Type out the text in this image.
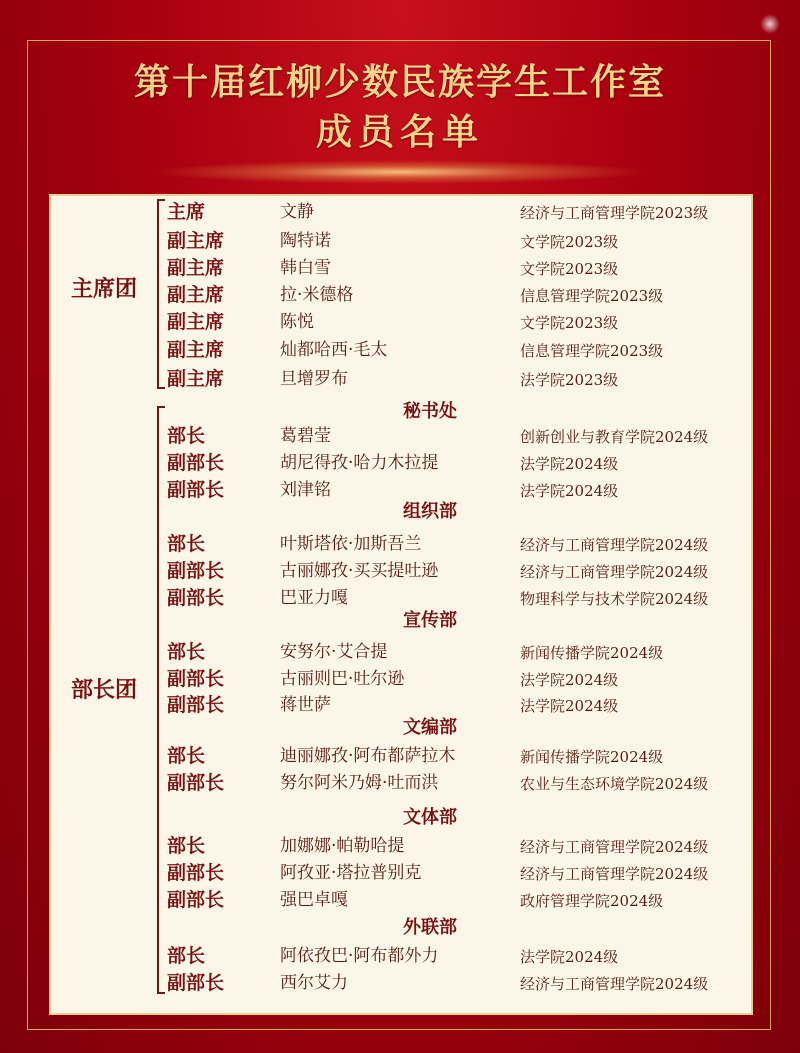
第十届红柳少数民族学生工作室
成员名单
主席团
主席	文静	经济与工商管理学院2023级
副主席	陶特诺	文学院2023级
副主席	韩白雪	文学院2023级
副主席	拉·米德格	信息管理学院2023级
副主席	陈悦	文学院2023级
副主席	灿都哈西·毛太	信息管理学院2023级
副主席	旦增罗布	法学院2023级
部长团
秘书处
部长	葛碧莹	创新创业与教育学院2024级
副部长	胡尼得孜·哈力木拉提	法学院2024级
副部长	刘津铭	法学院2024级
组织部
部长	叶斯塔依·加斯吾兰	经济与工商管理学院2024级
副部长	古丽娜孜·买买提吐逊	经济与工商管理学院2024级
副部长	巴亚力嘎	物理科学与技术学院2024级
宣传部
部长	安努尔·艾合提	新闻传播学院2024级
副部长	古丽则巴·吐尔逊	法学院2024级
副部长	蒋世萨	法学院2024级
文编部
部长	迪丽娜孜·阿布都萨拉木	新闻传播学院2024级
副部长	努尔阿米乃姆·吐而洪	农业与生态环境学院2024级
文体部
部长	加娜娜·帕勒哈提	经济与工商管理学院2024级
副部长	阿孜亚·塔拉普别克	经济与工商管理学院2024级
副部长	强巴卓嘎	政府管理学院2024级
外联部
部长	阿依孜巴·阿布都外力	法学院2024级
副部长	西尔艾力	经济与工商管理学院2024级
